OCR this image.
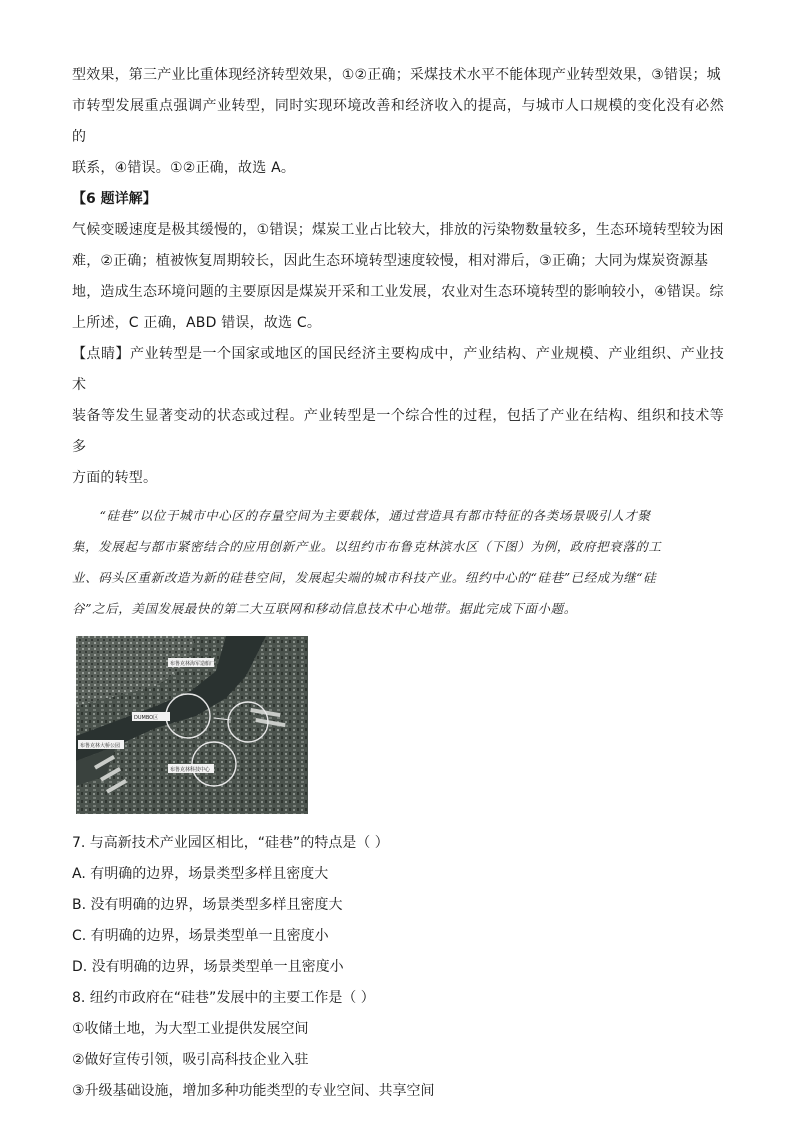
型效果，第三产业比重体现经济转型效果，①②正确；采煤技术水平不能体现产业转型效果，③错误；城

市转型发展重点强调产业转型，同时实现环境改善和经济收入的提高，与城市人口规模的变化没有必然的

联系，④错误。①②正确，故选 A。

【6 题详解】

气候变暖速度是极其缓慢的，①错误；煤炭工业占比较大，排放的污染物数量较多，生态环境转型较为困

难，②正确；植被恢复周期较长，因此生态环境转型速度较慢，相对滞后，③正确；大同为煤炭资源基

地，造成生态环境问题的主要原因是煤炭开采和工业发展，农业对生态环境转型的影响较小，④错误。综

上所述，C 正确，ABD 错误，故选 C。

【点睛】产业转型是一个国家或地区的国民经济主要构成中，产业结构、产业规模、产业组织、产业技术

装备等发生显著变动的状态或过程。产业转型是一个综合性的过程，包括了产业在结构、组织和技术等多

方面的转型。

“硅巷”以位于城市中心区的存量空间为主要载体，通过营造具有都市特征的各类场景吸引人才聚

集，发展起与都市紧密结合的应用创新产业。以纽约市布鲁克林滨水区（下图）为例，政府把衰落的工

业、码头区重新改造为新的硅巷空间，发展起尖端的城市科技产业。纽约中心的“硅巷”已经成为继“硅

谷”之后，美国发展最快的第二大互联网和移动信息技术中心地带。据此完成下面小题。

布鲁克林海军造船厂
DUMBO区
布鲁克林大桥公园
布鲁克林科技中心

7. 与高新技术产业园区相比，“硅巷”的特点是（ ）

A. 有明确的边界，场景类型多样且密度大

B. 没有明确的边界，场景类型多样且密度大

C. 有明确的边界，场景类型单一且密度小

D. 没有明确的边界，场景类型单一且密度小

8. 纽约市政府在“硅巷”发展中的主要工作是（ ）

①收储土地，为大型工业提供发展空间

②做好宣传引领，吸引高科技企业入驻

③升级基础设施，增加多种功能类型的专业空间、共享空间
